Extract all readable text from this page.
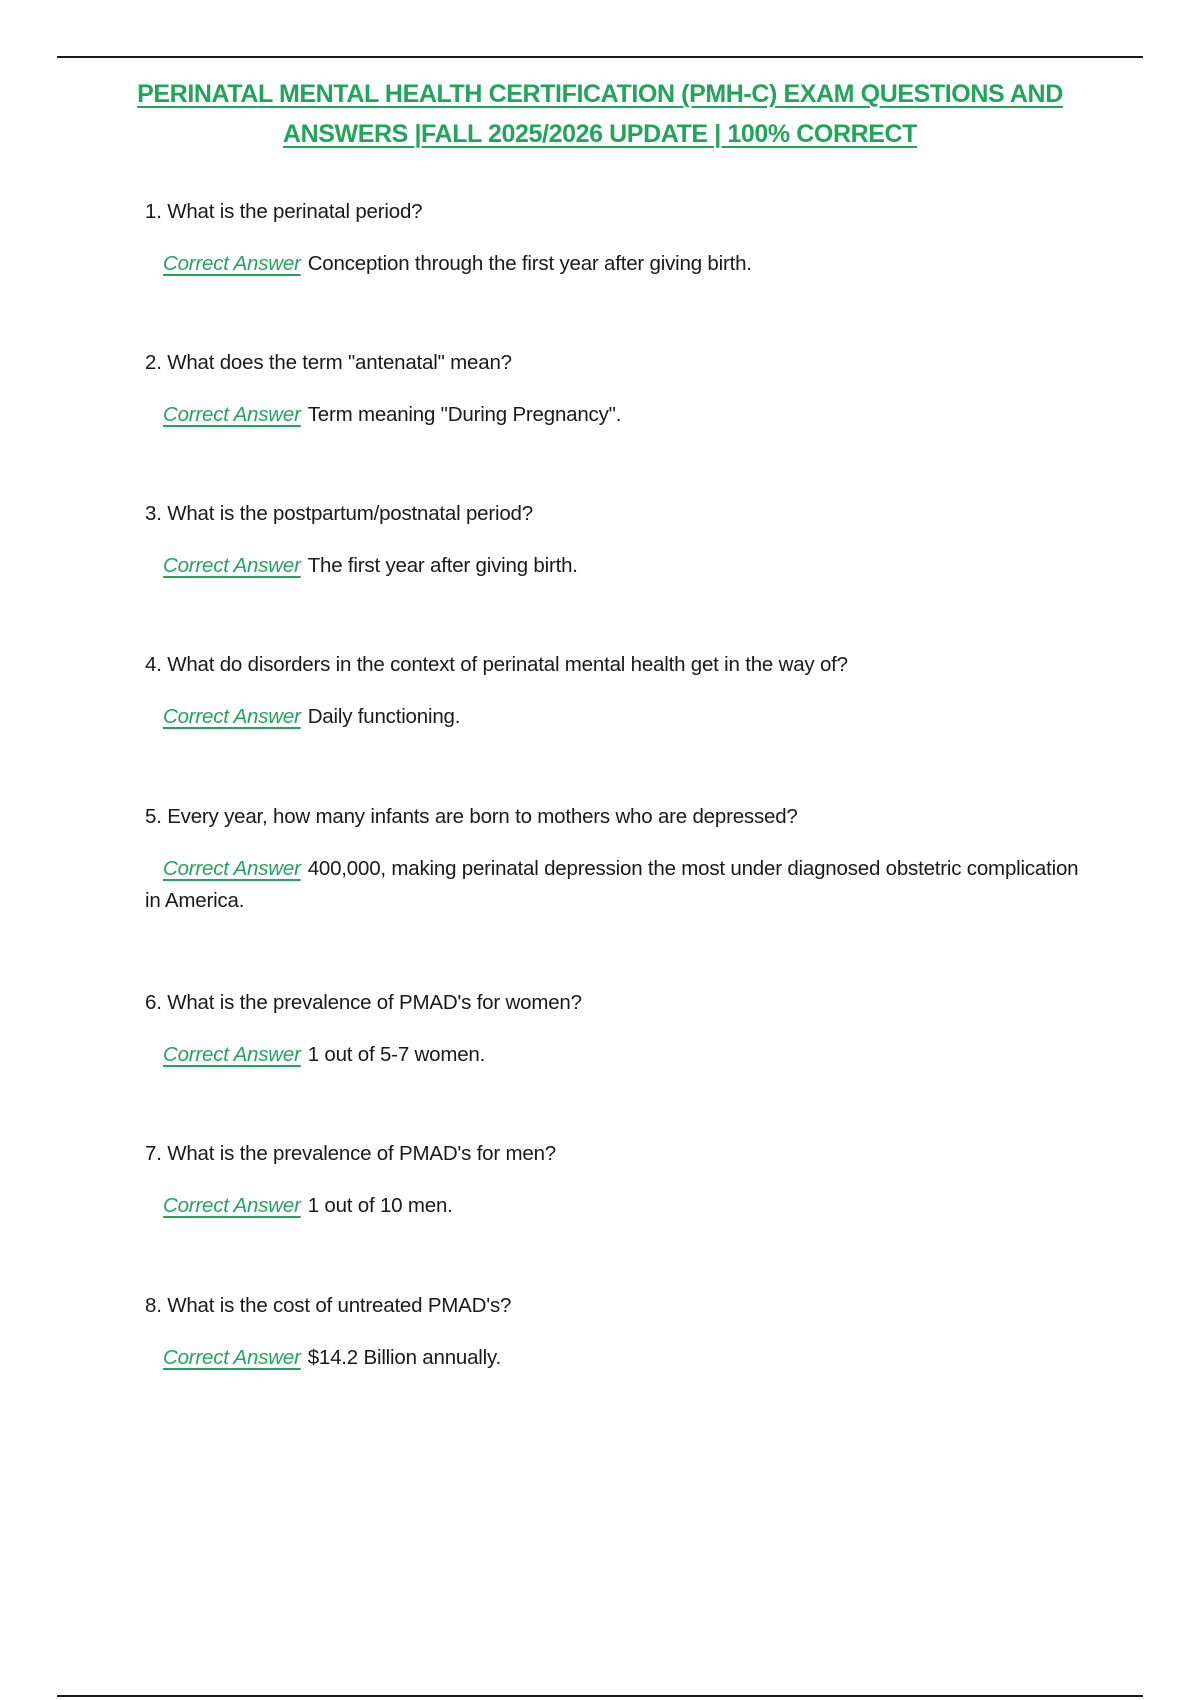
PERINATAL MENTAL HEALTH CERTIFICATION (PMH-C) EXAM QUESTIONS AND
ANSWERS |FALL 2025/2026 UPDATE | 100% CORRECT
1. What is the perinatal period?
Correct Answer Conception through the first year after giving birth.
2. What does the term "antenatal" mean?
Correct Answer Term meaning "During Pregnancy".
3. What is the postpartum/postnatal period?
Correct Answer The first year after giving birth.
4. What do disorders in the context of perinatal mental health get in the way of?
Correct Answer Daily functioning.
5. Every year, how many infants are born to mothers who are depressed?
Correct Answer 400,000, making perinatal depression the most under diagnosed obstetric complication in America.
6. What is the prevalence of PMAD's for women?
Correct Answer 1 out of 5-7 women.
7. What is the prevalence of PMAD's for men?
Correct Answer 1 out of 10 men.
8. What is the cost of untreated PMAD's?
Correct Answer $14.2 Billion annually.
